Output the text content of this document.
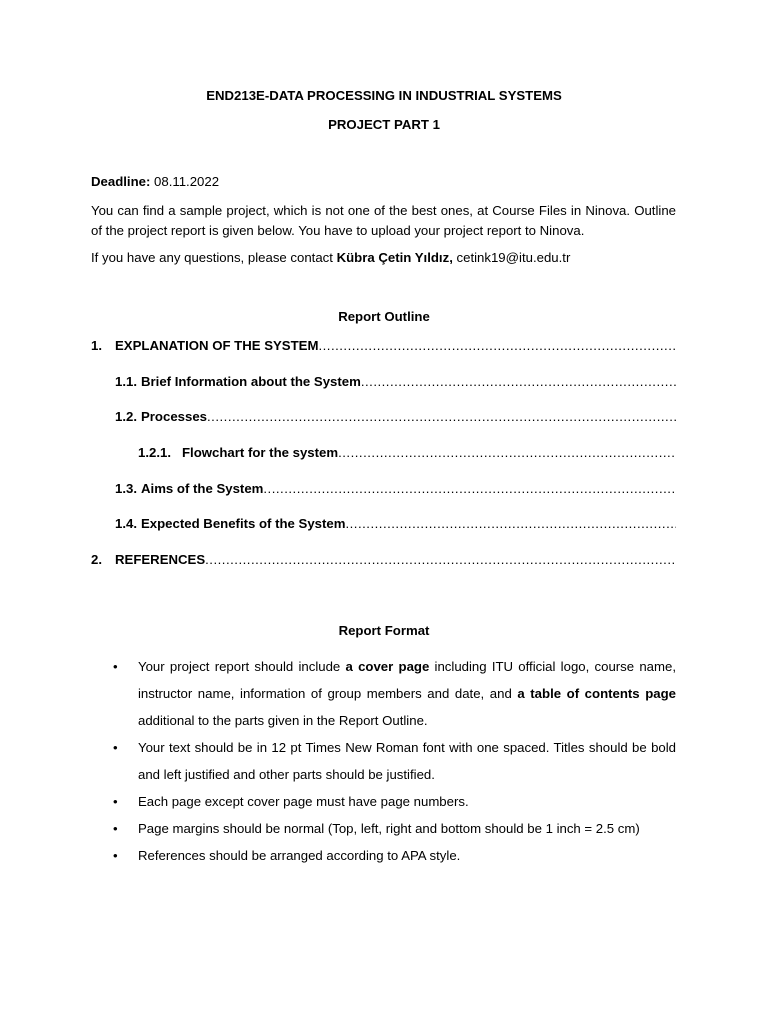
END213E-DATA PROCESSING IN INDUSTRIAL SYSTEMS
PROJECT PART 1
Deadline: 08.11.2022
You can find a sample project, which is not one of the best ones, at Course Files in Ninova. Outline of the project report is given below. You have to upload your project report to Ninova.
If you have any questions, please contact Kübra Çetin Yıldız, cetink19@itu.edu.tr
Report Outline
1. EXPLANATION OF THE SYSTEM
.....
1.1. Brief Information about the System
.....
1.2. Processes
.....
1.2.1. Flowchart for the system
.....
1.3. Aims of the System
.....
1.4. Expected Benefits of the System
.....
2. REFERENCES
.....
Report Format
• Your project report should include a cover page including ITU official logo, course name, instructor name, information of group members and date, and a table of contents page additional to the parts given in the Report Outline.
• Your text should be in 12 pt Times New Roman font with one spaced. Titles should be bold and left justified and other parts should be justified.
• Each page except cover page must have page numbers.
• Page margins should be normal (Top, left, right and bottom should be 1 inch = 2.5 cm)
• References should be arranged according to APA style.
